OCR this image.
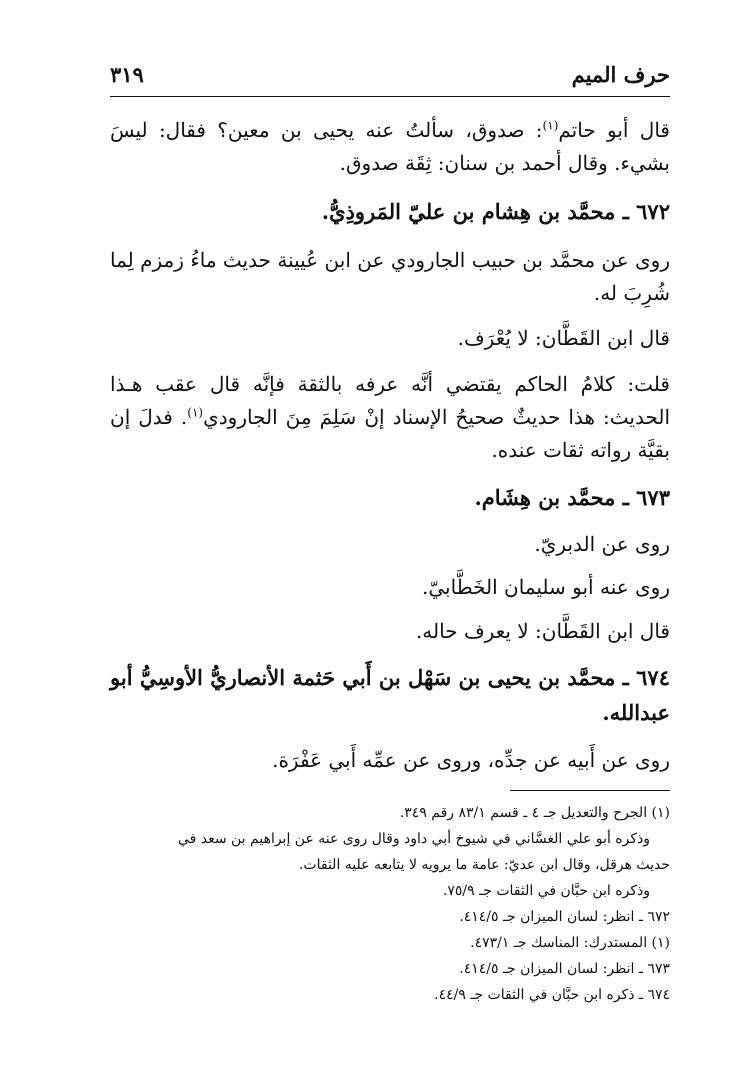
حرف الميم
٣١٩
قال أبو حاتم$^{(١)}$: صدوق، سألتُ عنه يحيى بن معين؟ فقال: ليسَ بشيء. وقال أحمد بن سنان: ثِقَة صدوق.
٦٧٢ ـ محمَّد بن هِشام بن عليّ المَروذِيُّ.
روى عن محمَّد بن حبيب الجارودي عن ابن عُيينة حديث ماءُ زمزم لِما شُرِبَ له.
قال ابن القَطَّان: لا يُعْرَف.
قلت: كلامُ الحاكم يقتضي أنَّه عرفه بالثقة فإنَّه قال عقب هـذا الحديث: هذا حديثٌ صحيحُ الإسناد إنْ سَلِمَ مِنَ الجارودي$^{(١)}$. فدلَ إن بقيَّة رواته ثقات عنده.
٦٧٣ ـ محمَّد بن هِشَام.
روى عن الدبريّ.
روى عنه أبو سليمان الخَطَّابيّ.
قال ابن القَطَّان: لا يعرف حاله.
٦٧٤ ـ محمَّد بن يحيى بن سَهْل بن أَبي حَثمة الأنصاريُّ الأوسِيُّ أبو عبدالله.
روى عن أَبيه عن جدِّه، وروى عن عمِّه أَبي عَفْرَة.
(١) الجرح والتعديل جـ ٤ ـ قسم ٨٣/١ رقم ٣٤٩.
وذكره أبو علي الغسَّاني في شيوخ أبي داود وقال روى عنه عن إبراهيم بن سعد في
حديث هرقل، وقال ابن عديّ: عامة ما يرويه لا يتابعه عليه الثقات.
وذكره ابن حبَّان في الثقات جـ ٧٥/٩.
٦٧٢ ـ انظر: لسان الميزان جـ ٤١٤/٥.
(١) المستدرك: المناسك جـ ٤٧٣/١.
٦٧٣ ـ انظر: لسان الميزان جـ ٤١٤/٥.
٦٧٤ ـ ذكره ابن حبَّان في الثقات جـ ٤٤/٩.
